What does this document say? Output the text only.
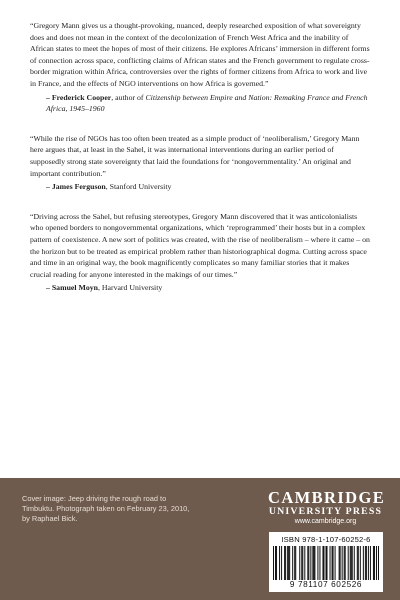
“Gregory Mann gives us a thought-provoking, nuanced, deeply researched exposition of what sovereignty does and does not mean in the context of the decolonization of French West Africa and the inability of African states to meet the hopes of most of their citizens. He explores Africans’ immersion in different forms of connection across space, conflicting claims of African states and the French government to regulate cross-border migration within Africa, controversies over the rights of former citizens from Africa to work and live in France, and the effects of NGO interventions on how Africa is governed.”

– Frederick Cooper, author of Citizenship between Empire and Nation: Remaking France and French Africa, 1945–1960

“While the rise of NGOs has too often been treated as a simple product of ‘neoliberalism,’ Gregory Mann here argues that, at least in the Sahel, it was international interventions during an earlier period of supposedly strong state sovereignty that laid the foundations for ‘nongovernmentality.’ An original and important contribution.”

– James Ferguson, Stanford University

“Driving across the Sahel, but refusing stereotypes, Gregory Mann discovered that it was anticolonialists who opened borders to nongovernmental organizations, which ‘reprogrammed’ their hosts but in a complex pattern of coexistence. A new sort of politics was created, with the rise of neoliberalism – where it came – on the horizon but to be treated as empirical problem rather than historiographical dogma. Cutting across space and time in an original way, the book magnificently complicates so many familiar stories that it makes crucial reading for anyone interested in the makings of our times.”

– Samuel Moyn, Harvard University

Cover image: Jeep driving the rough road to Timbuktu. Photograph taken on February 23, 2010, by Raphael Bick.

CAMBRIDGE
UNIVERSITY PRESS
www.cambridge.org
ISBN 978-1-107-60252-6
9 781107 602526
